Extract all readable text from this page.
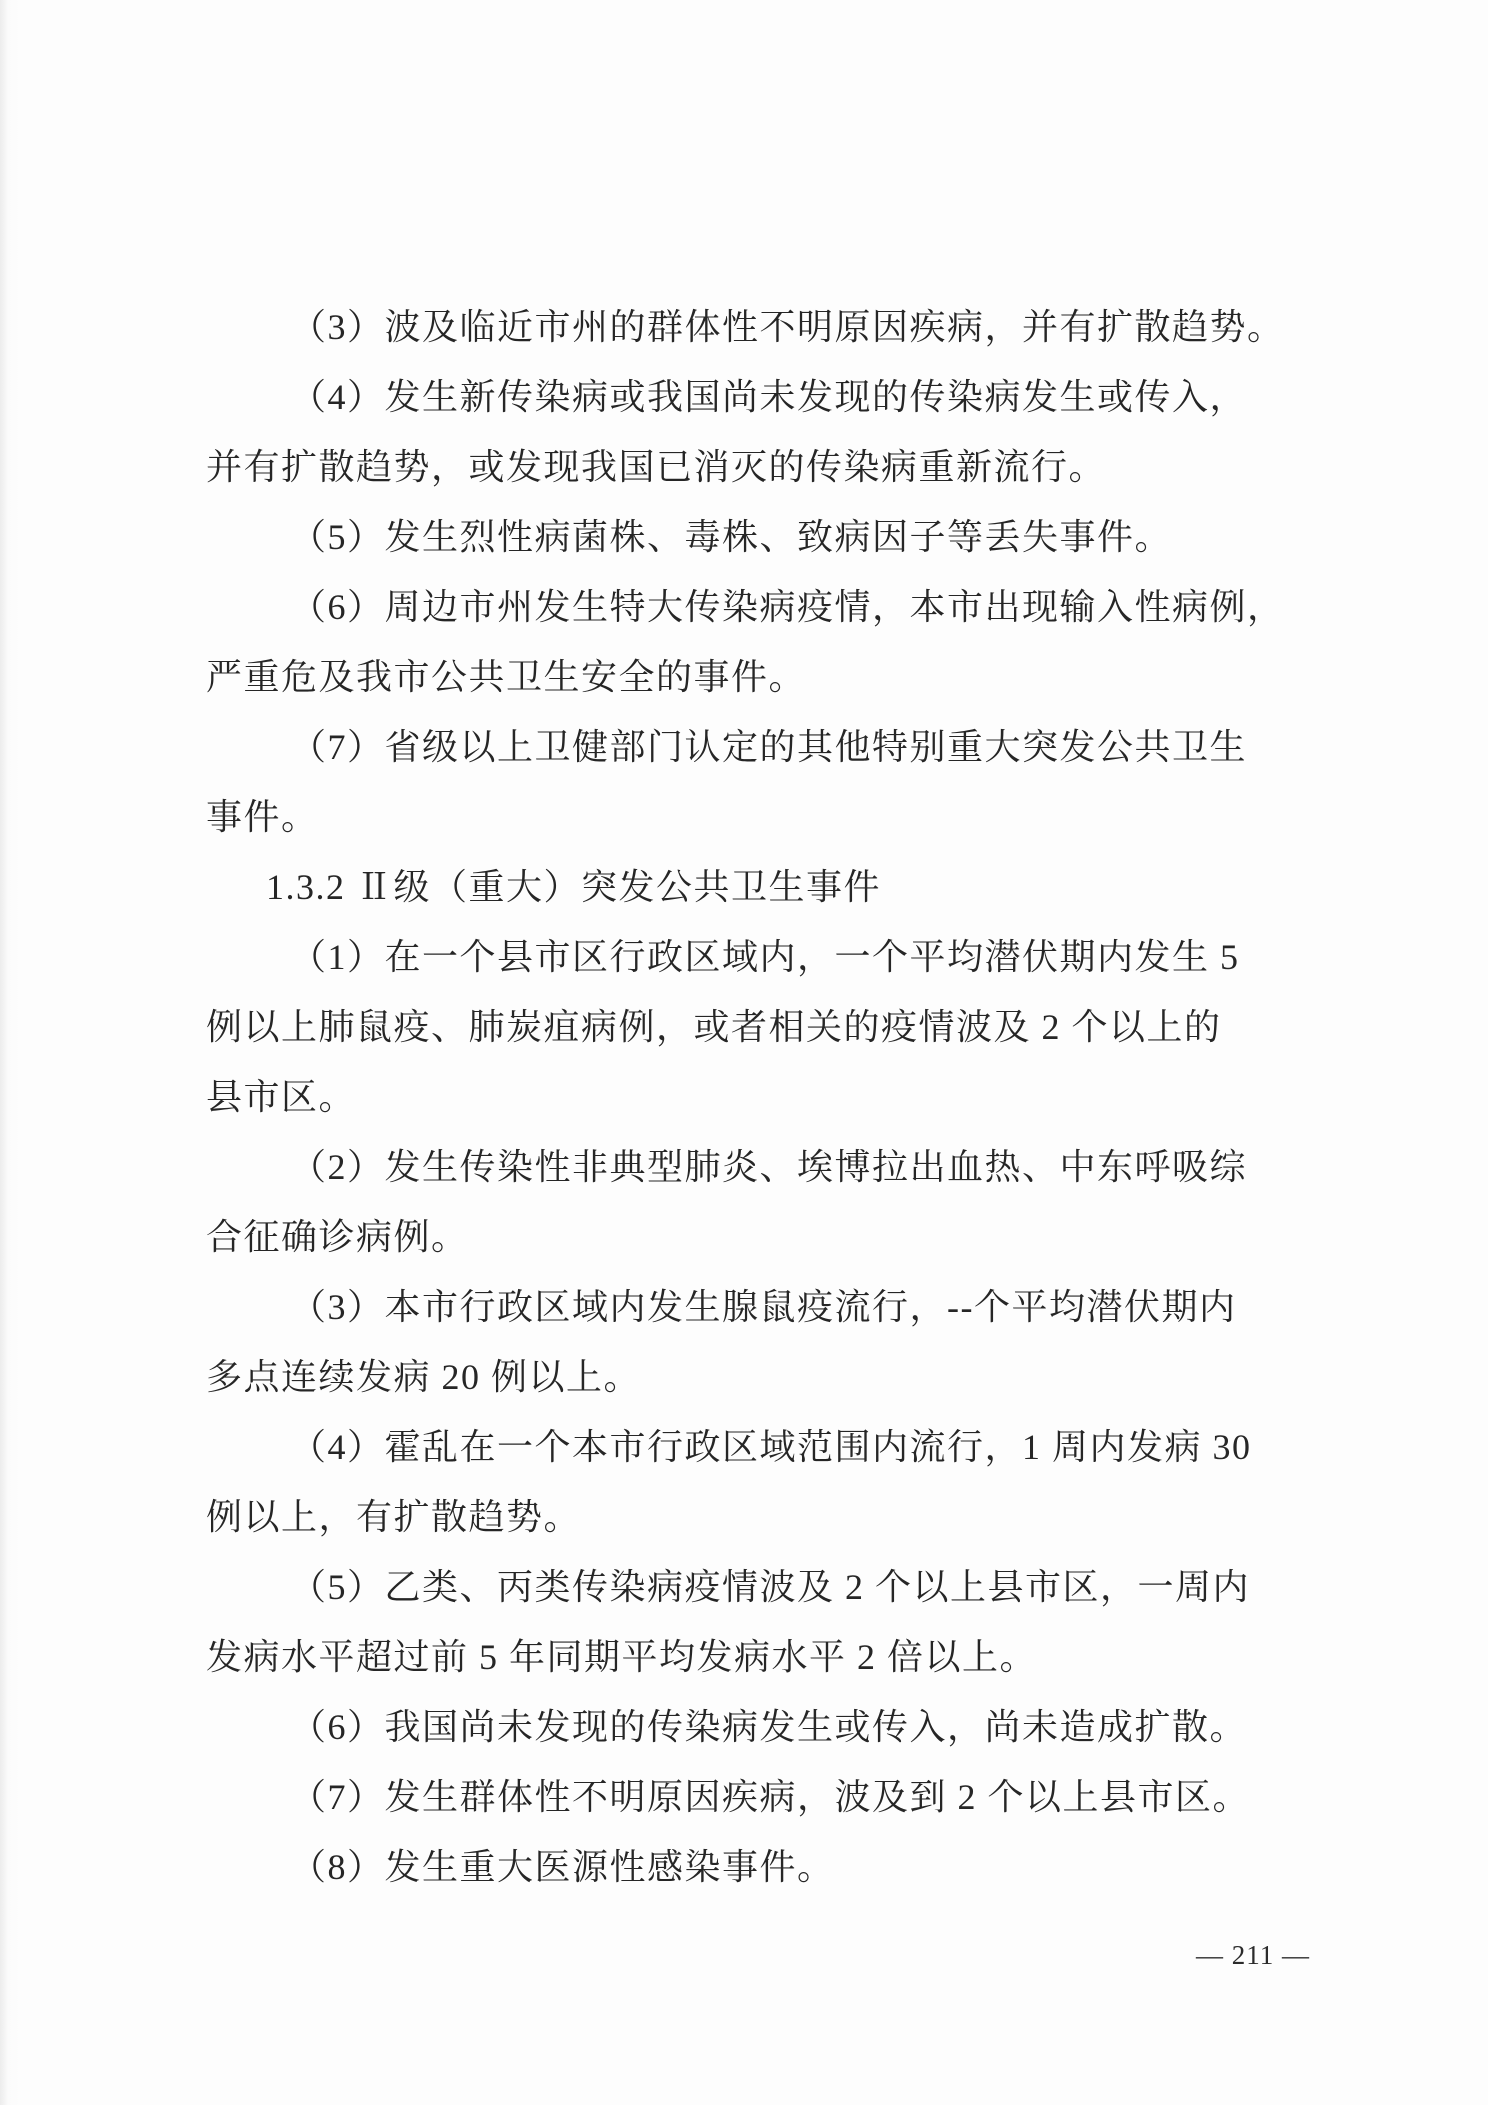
（3）波及临近市州的群体性不明原因疾病，并有扩散趋势。
（4）发生新传染病或我国尚未发现的传染病发生或传入，
并有扩散趋势，或发现我国已消灭的传染病重新流行。
（5）发生烈性病菌株、毒株、致病因子等丢失事件。
（6）周边市州发生特大传染病疫情，本市出现输入性病例，
严重危及我市公共卫生安全的事件。
（7）省级以上卫健部门认定的其他特别重大突发公共卫生
事件。
1.3.2 Ⅱ级（重大）突发公共卫生事件
（1）在一个县市区行政区域内，一个平均潜伏期内发生 5
例以上肺鼠疫、肺炭疽病例，或者相关的疫情波及 2 个以上的
县市区。
（2）发生传染性非典型肺炎、埃博拉出血热、中东呼吸综
合征确诊病例。
（3）本市行政区域内发生腺鼠疫流行，--个平均潜伏期内
多点连续发病 20 例以上。
（4）霍乱在一个本市行政区域范围内流行，1 周内发病 30
例以上，有扩散趋势。
（5）乙类、丙类传染病疫情波及 2 个以上县市区，一周内
发病水平超过前 5 年同期平均发病水平 2 倍以上。
（6）我国尚未发现的传染病发生或传入，尚未造成扩散。
（7）发生群体性不明原因疾病，波及到 2 个以上县市区。
（8）发生重大医源性感染事件。
— 211 —
